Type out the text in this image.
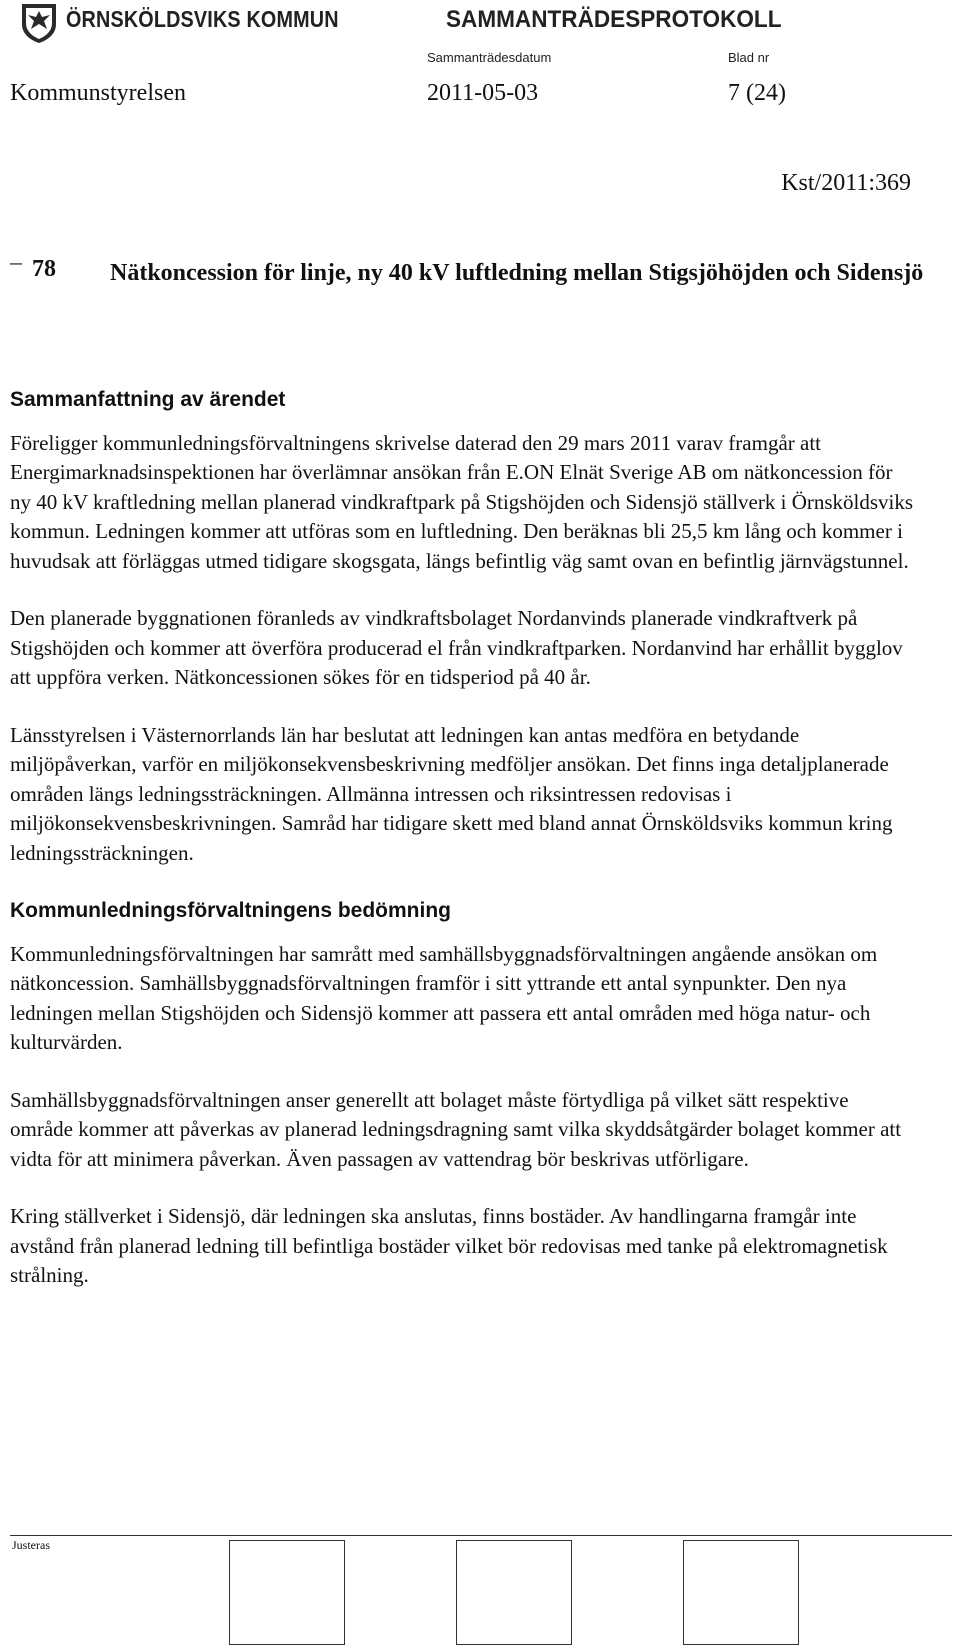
ÖRNSKÖLDSVIKS KOMMUN	SAMMANTRÄDESPROTOKOLL
Sammanträdesdatum	Blad nr
Kommunstyrelsen	2011-05-03	7 (24)
Kst/2011:369
¯ 78 Nätkoncession för linje, ny 40 kV luftledning mellan Stigsjöhöjden och Sidensjö
Sammanfattning av ärendet

Föreligger kommunledningsförvaltningens skrivelse daterad den 29 mars 2011 varav framgår att Energimarknadsinspektionen har överlämnar ansökan från E.ON Elnät Sverige AB om nätkoncession för ny 40 kV kraftledning mellan planerad vindkraftpark på Stigshöjden och Sidensjö ställverk i Örnsköldsviks kommun. Ledningen kommer att utföras som en luftledning. Den beräknas bli 25,5 km lång och kommer i huvudsak att förläggas utmed tidigare skogsgata, längs befintlig väg samt ovan en befintlig järnvägstunnel.

Den planerade byggnationen föranleds av vindkraftsbolaget Nordanvinds planerade vindkraftverk på Stigshöjden och kommer att överföra producerad el från vindkraftparken. Nordanvind har erhållit bygglov att uppföra verken. Nätkoncessionen sökes för en tidsperiod på 40 år.

Länsstyrelsen i Västernorrlands län har beslutat att ledningen kan antas medföra en betydande miljöpåverkan, varför en miljökonsekvensbeskrivning medföljer ansökan. Det finns inga detaljplanerade områden längs ledningssträckningen. Allmänna intressen och riksintressen redovisas i miljökonsekvensbeskrivningen. Samråd har tidigare skett med bland annat Örnsköldsviks kommun kring ledningssträckningen.

Kommunledningsförvaltningens bedömning

Kommunledningsförvaltningen har samrått med samhällsbyggnadsförvaltningen angående ansökan om nätkoncession. Samhällsbyggnadsförvaltningen framför i sitt yttrande ett antal synpunkter. Den nya ledningen mellan Stigshöjden och Sidensjö kommer att passera ett antal områden med höga natur- och kulturvärden.

Samhällsbyggnadsförvaltningen anser generellt att bolaget måste förtydliga på vilket sätt respektive område kommer att påverkas av planerad ledningsdragning samt vilka skyddsåtgärder bolaget kommer att vidta för att minimera påverkan. Även passagen av vattendrag bör beskrivas utförligare.

Kring ställverket i Sidensjö, där ledningen ska anslutas, finns bostäder. Av handlingarna framgår inte avstånd från planerad ledning till befintliga bostäder vilket bör redovisas med tanke på elektromagnetisk strålning.

Justeras
